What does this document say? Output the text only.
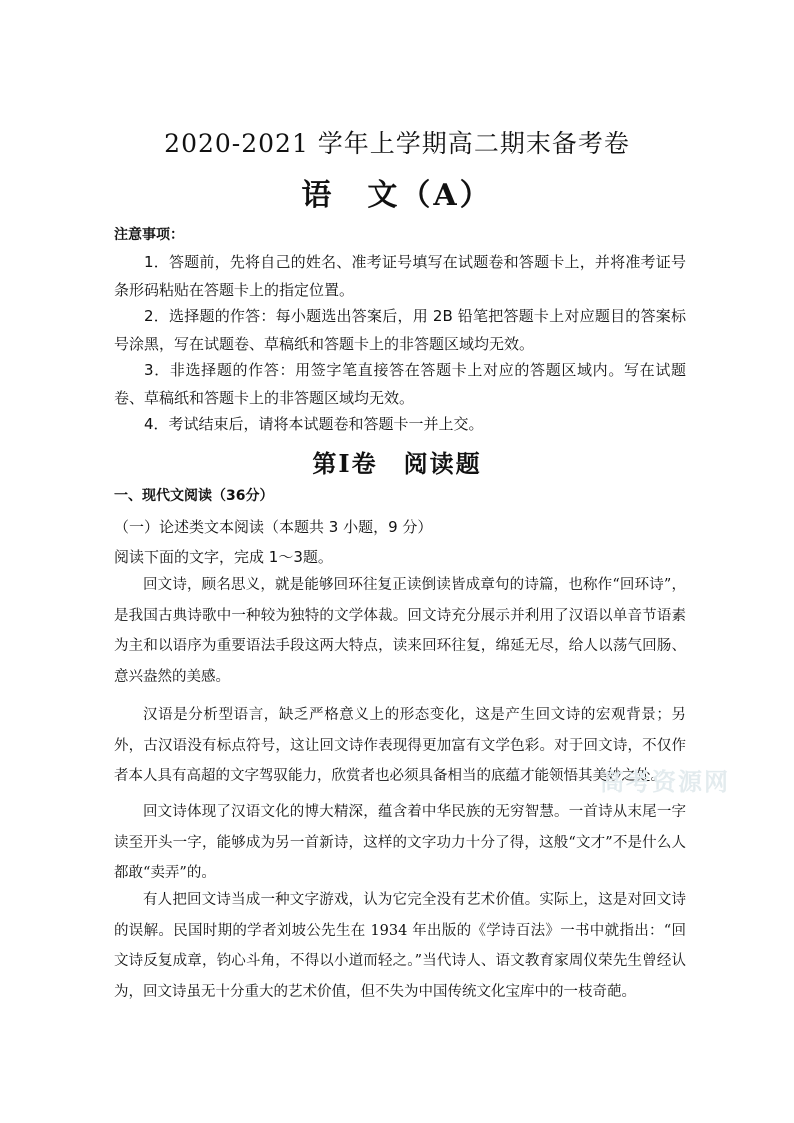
2020-2021 学年上学期高二期末备考卷
语　文（A）
注意事项：
1．答题前，先将自己的姓名、准考证号填写在试题卷和答题卡上，并将准考证号条形码粘贴在答题卡上的指定位置。
2．选择题的作答：每小题选出答案后，用 2B 铅笔把答题卡上对应题目的答案标号涂黑，写在试题卷、草稿纸和答题卡上的非答题区域均无效。
3．非选择题的作答：用签字笔直接答在答题卡上对应的答题区域内。写在试题卷、草稿纸和答题卡上的非答题区域均无效。
4．考试结束后，请将本试题卷和答题卡一并上交。
第Ⅰ卷　阅读题
一、现代文阅读（36分）
（一）论述类文本阅读（本题共 3 小题，9 分）
阅读下面的文字，完成 1～3题。
回文诗，顾名思义，就是能够回环往复正读倒读皆成章句的诗篇，也称作“回环诗”，是我国古典诗歌中一种较为独特的文学体裁。回文诗充分展示并利用了汉语以单音节语素为主和以语序为重要语法手段这两大特点，读来回环往复，绵延无尽，给人以荡气回肠、意兴盎然的美感。
汉语是分析型语言，缺乏严格意义上的形态变化，这是产生回文诗的宏观背景；另外，古汉语没有标点符号，这让回文诗作表现得更加富有文学色彩。对于回文诗，不仅作者本人具有高超的文字驾驭能力，欣赏者也必须具备相当的底蕴才能领悟其美妙之处。
回文诗体现了汉语文化的博大精深，蕴含着中华民族的无穷智慧。一首诗从末尾一字读至开头一字，能够成为另一首新诗，这样的文字功力十分了得，这般“文才”不是什么人都敢“卖弄”的。
有人把回文诗当成一种文字游戏，认为它完全没有艺术价值。实际上，这是对回文诗的误解。民国时期的学者刘坡公先生在 1934 年出版的《学诗百法》一书中就指出：“回文诗反复成章，钧心斗角，不得以小道而轻之。”当代诗人、语文教育家周仪荣先生曾经认为，回文诗虽无十分重大的艺术价值，但不失为中国传统文化宝库中的一枝奇葩。
高考资源网
